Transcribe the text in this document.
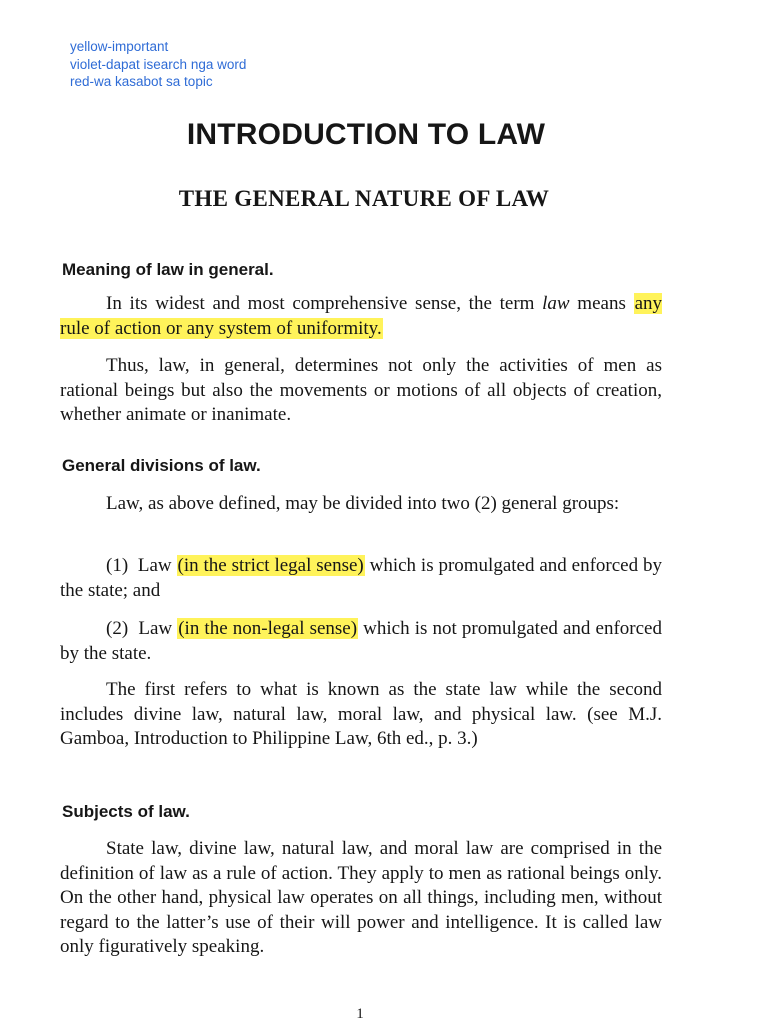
yellow-important
violet-dapat isearch nga word
red-wa kasabot sa topic
INTRODUCTION TO LAW
THE GENERAL NATURE OF LAW
Meaning of law in general.

In its widest and most comprehensive sense, the term law means any rule of action or any system of uniformity.

Thus, law, in general, determines not only the activities of men as rational beings but also the movements or motions of all objects of creation, whether animate or inanimate.

General divisions of law.

Law, as above defined, may be divided into two (2) general groups:

(1)  Law (in the strict legal sense) which is promulgated and enforced by the state; and

(2)  Law (in the non-legal sense) which is not promulgated and enforced by the state.

The first refers to what is known as the state law while the second includes divine law, natural law, moral law, and physical law. (see M.J. Gamboa, Introduction to Philippine Law, 6th ed., p. 3.)

Subjects of law.

State law, divine law, natural law, and moral law are comprised in the definition of law as a rule of action. They apply to men as rational beings only. On the other hand, physical law operates on all things, including men, without regard to the latter’s use of their will power and intelligence. It is called law only figuratively speaking.

1
